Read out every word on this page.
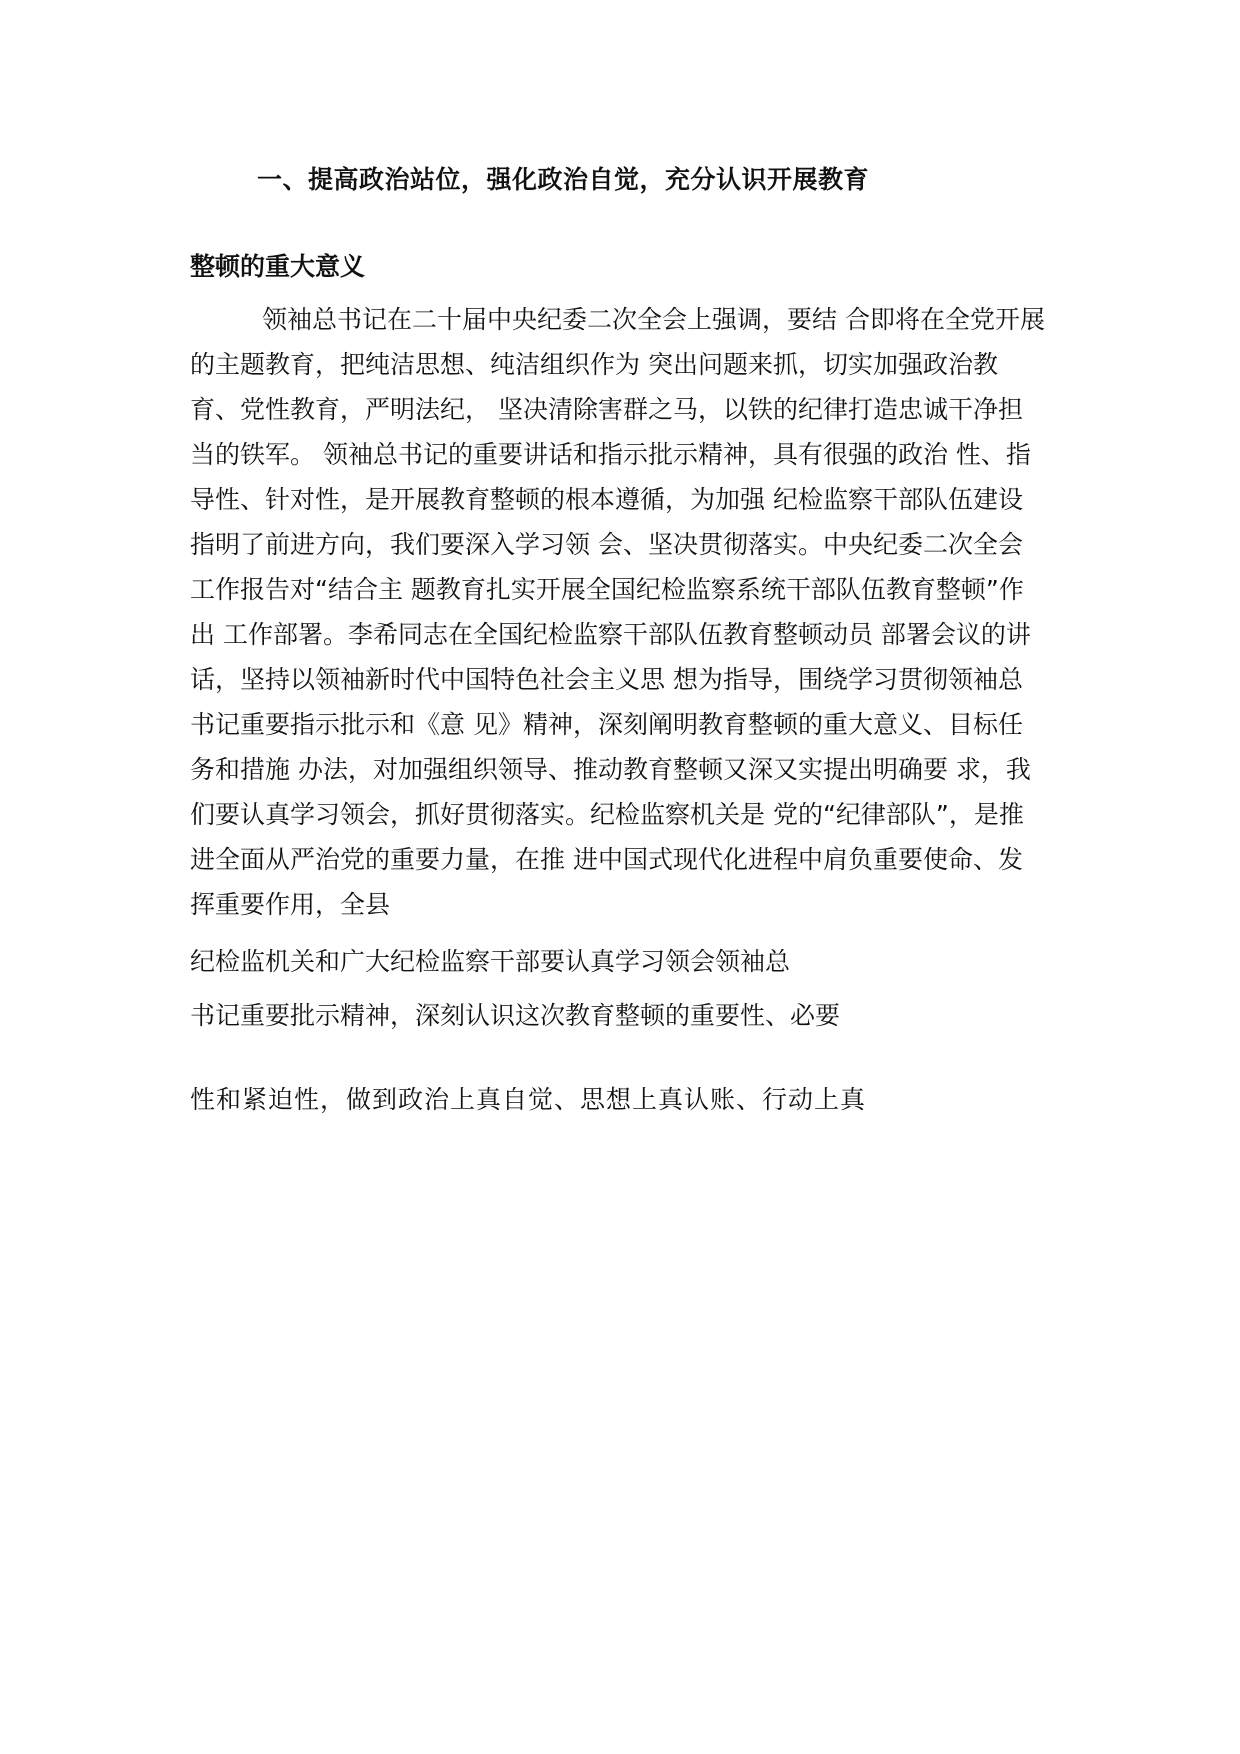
一、提高政治站位，强化政治自觉，充分认识开展教育
整顿的重大意义
领袖总书记在二十届中央纪委二次全会上强调，要结 合即将在全党开展
的主题教育，把纯洁思想、纯洁组织作为 突出问题来抓，切实加强政治教
育、党性教育，严明法纪， 坚决清除害群之马，以铁的纪律打造忠诚干净担
当的铁军。 领袖总书记的重要讲话和指示批示精神，具有很强的政治 性、指
导性、针对性，是开展教育整顿的根本遵循，为加强 纪检监察干部队伍建设
指明了前进方向，我们要深入学习领 会、坚决贯彻落实。中央纪委二次全会
工作报告对“结合主 题教育扎实开展全国纪检监察系统干部队伍教育整顿”作
出 工作部署。李希同志在全国纪检监察干部队伍教育整顿动员 部署会议的讲
话，坚持以领袖新时代中国特色社会主义思 想为指导，围绕学习贯彻领袖总
书记重要指示批示和《意 见》精神，深刻阐明教育整顿的重大意义、目标任
务和措施 办法，对加强组织领导、推动教育整顿又深又实提出明确要 求，我
们要认真学习领会，抓好贯彻落实。纪检监察机关是 党的“纪律部队”，是推
进全面从严治党的重要力量，在推 进中国式现代化进程中肩负重要使命、发
挥重要作用，全县
纪检监机关和广大纪检监察干部要认真学习领会领袖总
书记重要批示精神，深刻认识这次教育整顿的重要性、必要
性和紧迫性，做到政治上真自觉、思想上真认账、行动上真
